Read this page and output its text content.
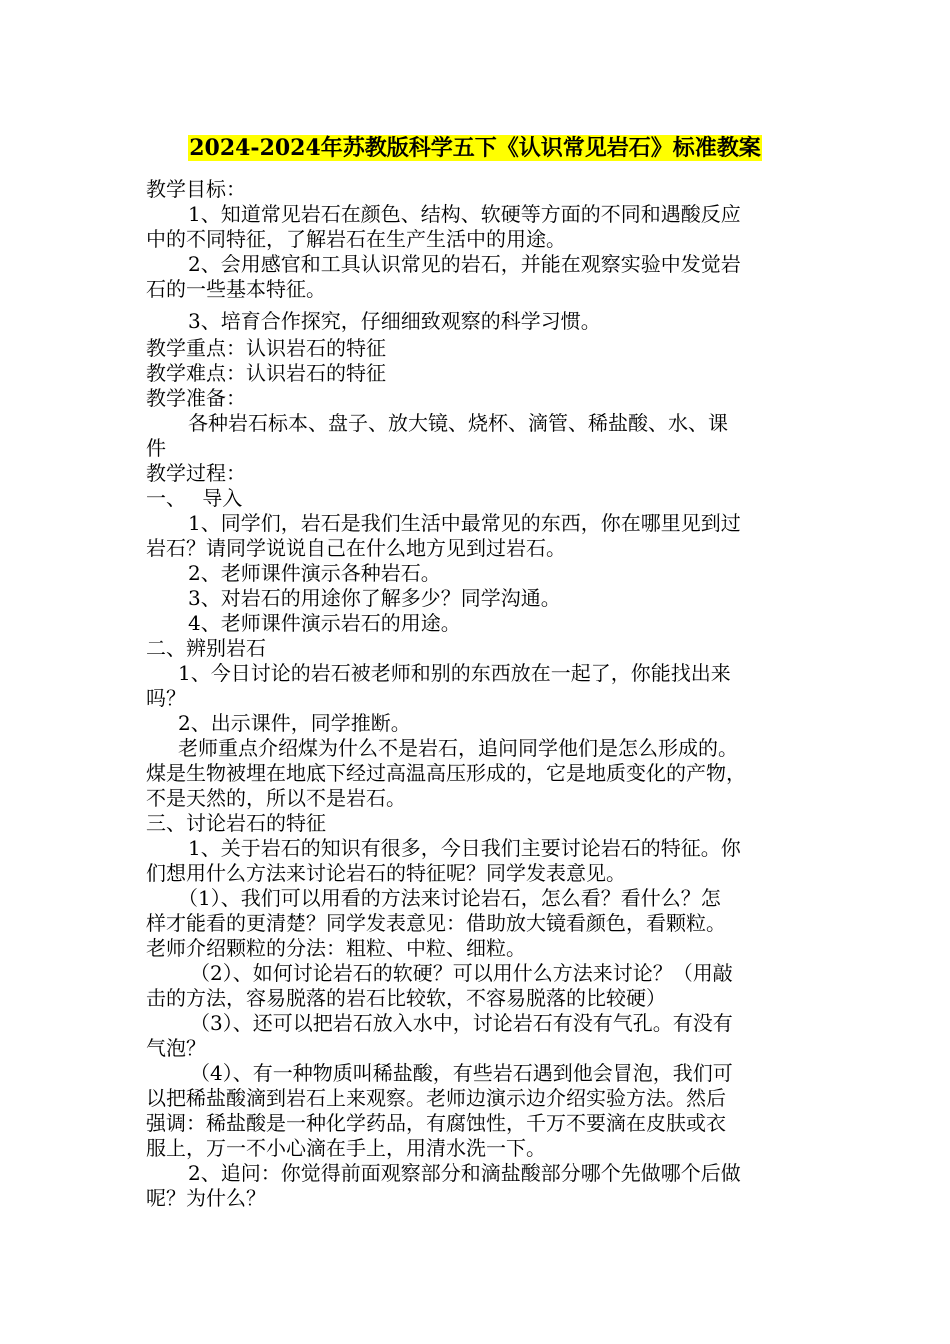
2024-2024年苏教版科学五下《认识常见岩石》标准教案
教学目标：
1、知道常见岩石在颜色、结构、软硬等方面的不同和遇酸反应
中的不同特征，了解岩石在生产生活中的用途。
2、会用感官和工具认识常见的岩石，并能在观察实验中发觉岩
石的一些基本特征。
3、培育合作探究，仔细细致观察的科学习惯。
教学重点：认识岩石的特征
教学难点：认识岩石的特征
教学准备：
各种岩石标本、盘子、放大镜、烧杯、滴管、稀盐酸、水、课
件
教学过程：
一、　 导入
1、同学们，岩石是我们生活中最常见的东西，你在哪里见到过
岩石？请同学说说自己在什么地方见到过岩石。
2、老师课件演示各种岩石。
3、对岩石的用途你了解多少？同学沟通。
4、老师课件演示岩石的用途。
二、辨别岩石
1、今日讨论的岩石被老师和别的东西放在一起了，你能找出来
吗？
2、出示课件，同学推断。
老师重点介绍煤为什么不是岩石，追问同学他们是怎么形成的。
煤是生物被埋在地底下经过高温高压形成的，它是地质变化的产物，
不是天然的，所以不是岩石。
三、讨论岩石的特征
1、关于岩石的知识有很多，今日我们主要讨论岩石的特征。你
们想用什么方法来讨论岩石的特征呢？同学发表意见。
（1）、我们可以用看的方法来讨论岩石，怎么看？看什么？怎
样才能看的更清楚？同学发表意见：借助放大镜看颜色，看颗粒。
老师介绍颗粒的分法：粗粒、中粒、细粒。
（2）、如何讨论岩石的软硬？可以用什么方法来讨论？（用敲
击的方法，容易脱落的岩石比较软，不容易脱落的比较硬）
（3）、还可以把岩石放入水中，讨论岩石有没有气孔。有没有
气泡？
（4）、有一种物质叫稀盐酸，有些岩石遇到他会冒泡，我们可
以把稀盐酸滴到岩石上来观察。老师边演示边介绍实验方法。然后
强调：稀盐酸是一种化学药品，有腐蚀性，千万不要滴在皮肤或衣
服上，万一不小心滴在手上，用清水洗一下。
2、追问：你觉得前面观察部分和滴盐酸部分哪个先做哪个后做
呢？为什么？
